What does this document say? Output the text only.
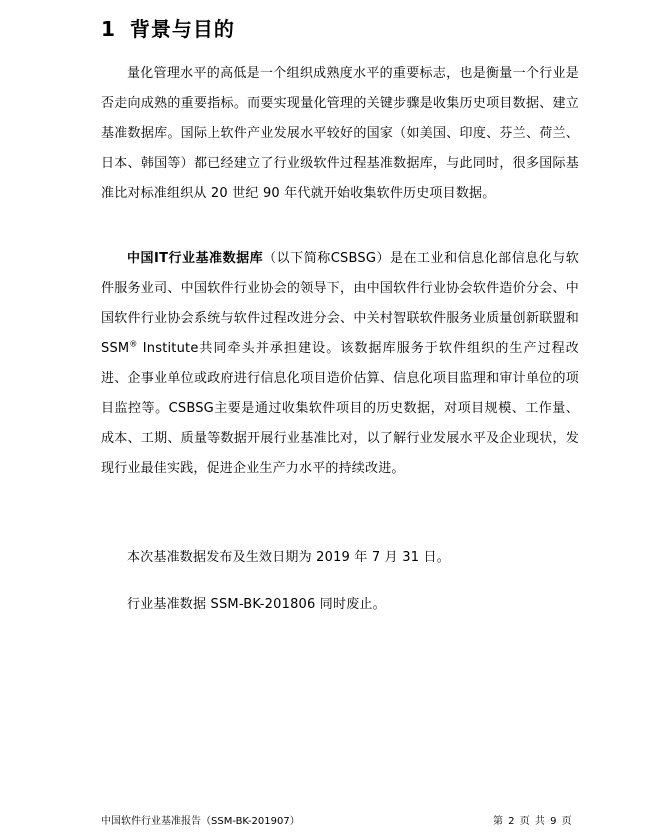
1 背景与目的

量化管理水平的高低是一个组织成熟度水平的重要标志，也是衡量一个行业是否走向成熟的重要指标。而要实现量化管理的关键步骤是收集历史项目数据、建立基准数据库。国际上软件产业发展水平较好的国家（如美国、印度、芬兰、荷兰、日本、韩国等）都已经建立了行业级软件过程基准数据库，与此同时，很多国际基准比对标准组织从 20 世纪 90 年代就开始收集软件历史项目数据。

中国IT行业基准数据库（以下简称CSBSG）是在工业和信息化部信息化与软件服务业司、中国软件行业协会的领导下，由中国软件行业协会软件造价分会、中国软件行业协会系统与软件过程改进分会、中关村智联软件服务业质量创新联盟和SSM® Institute共同牵头并承担建设。该数据库服务于软件组织的生产过程改进、企事业单位或政府进行信息化项目造价估算、信息化项目监理和审计单位的项目监控等。CSBSG主要是通过收集软件项目的历史数据，对项目规模、工作量、成本、工期、质量等数据开展行业基准比对，以了解行业发展水平及企业现状，发现行业最佳实践，促进企业生产力水平的持续改进。

本次基准数据发布及生效日期为 2019 年 7 月 31 日。

行业基准数据 SSM-BK-201806 同时废止。

中国软件行业基准报告（SSM-BK-201907）	第 2 页 共 9 页
